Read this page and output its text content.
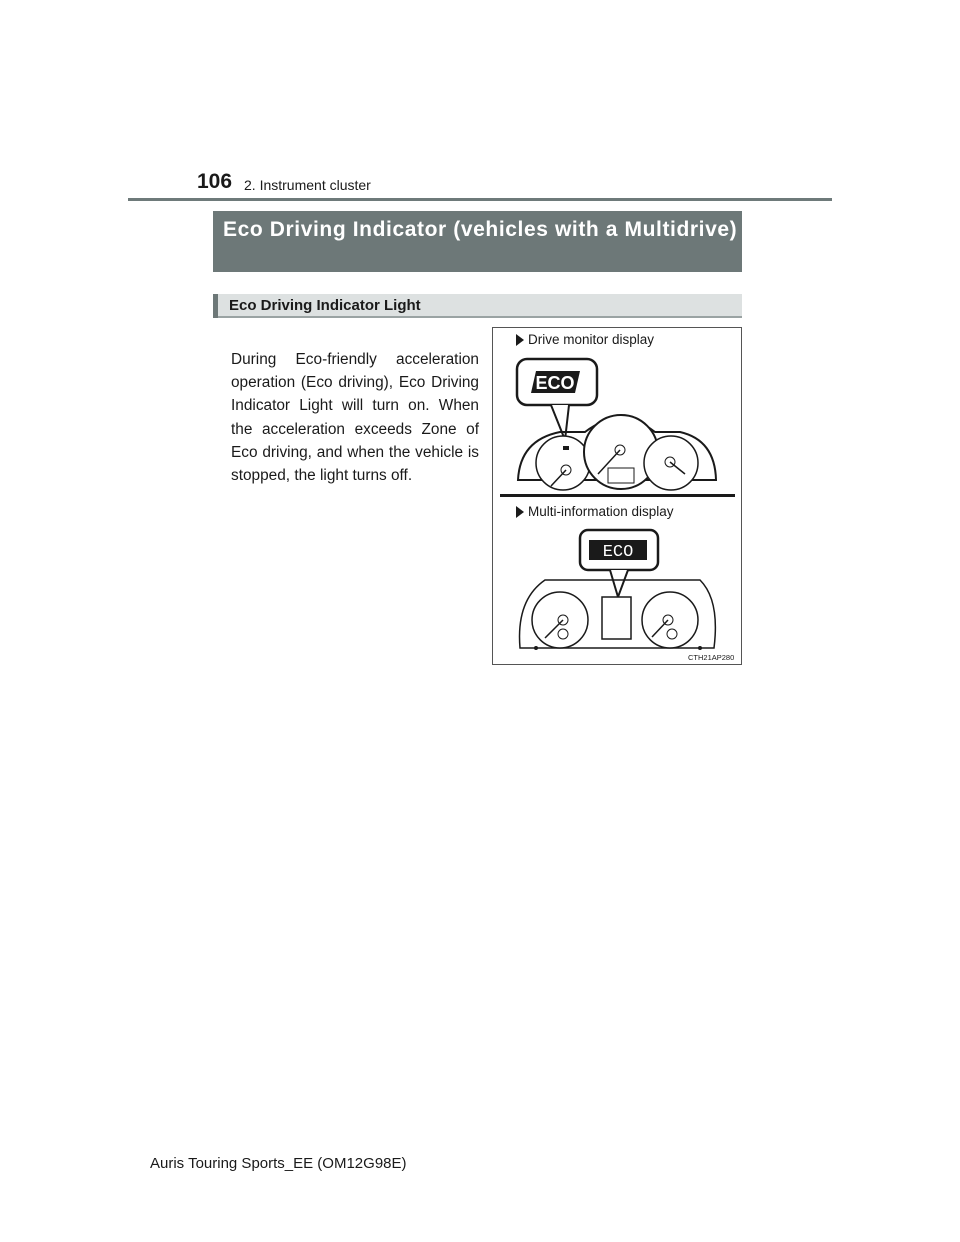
106 2. Instrument cluster
Eco Driving Indicator (vehicles with a Multidrive)
Eco Driving Indicator Light
During Eco-friendly acceleration operation (Eco driving), Eco Driving Indicator Light will turn on. When the acceleration exceeds Zone of Eco driving, and when the vehicle is stopped, the light turns off.
Drive monitor display
ECO
Multi-information display
ECO
CTH21AP280
Auris Touring Sports_EE (OM12G98E)
